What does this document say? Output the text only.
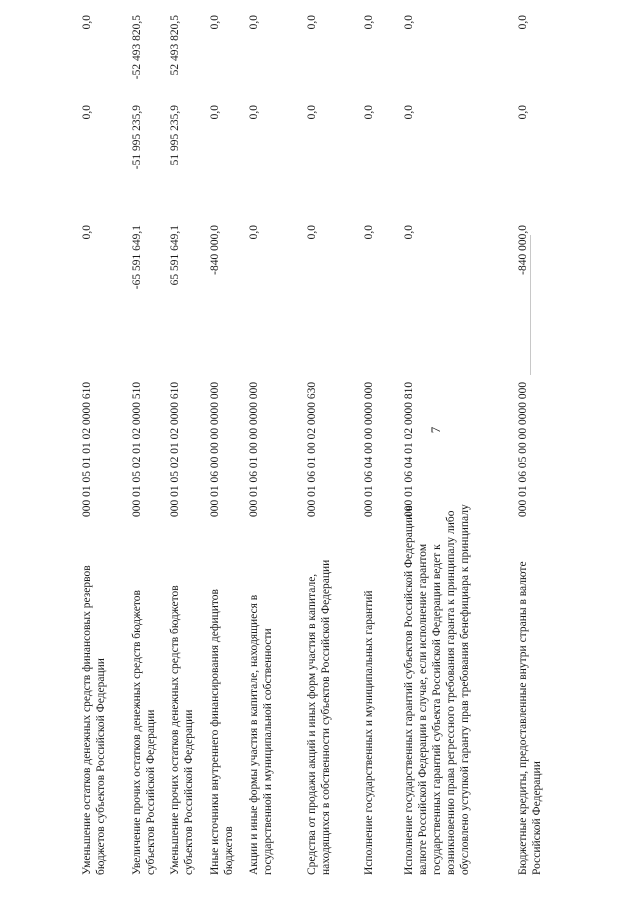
7
Уменьшение остатков денежных средств финансовых резервов бюджетов субъектов Российской Федерации
000 01 05 01 01 02 0000 610
0,0
0,0
0,0
Увеличение прочих остатков денежных средств бюджетов субъектов Российской Федерации
000 01 05 02 01 02 0000 510
-65 591 649,1
-51 995 235,9
-52 493 820,5
Уменьшение прочих остатков денежных средств бюджетов субъектов Российской Федерации
000 01 05 02 01 02 0000 610
65 591 649,1
51 995 235,9
52 493 820,5
Иные источники внутреннего финансирования дефицитов бюджетов
000 01 06 00 00 00 0000 000
-840 000,0
0,0
0,0
Акции и иные формы участия в капитале, находящиеся в государственной и муниципальной собственности
000 01 06 01 00 00 0000 000
0,0
0,0
0,0
Средства от продажи акций и иных форм участия в капитале, находящихся в собственности субъектов Российской Федерации
000 01 06 01 00 02 0000 630
0,0
0,0
0,0
Исполнение государственных и муниципальных гарантий
000 01 06 04 00 00 0000 000
0,0
0,0
0,0
Исполнение государственных гарантий субъектов Российской Федерации в валюте Российской Федерации в случае, если исполнение гарантом государственных гарантий субъекта Российской Федерации ведет к возникновению права регрессного требования гаранта к принципалу либо обусловлено уступкой гаранту прав требования бенефициара к принципалу
000 01 06 04 01 02 0000 810
0,0
0,0
0,0
Бюджетные кредиты, предоставленные внутри страны в валюте Российской Федерации
000 01 06 05 00 00 0000 000
-840 000,0
0,0
0,0
